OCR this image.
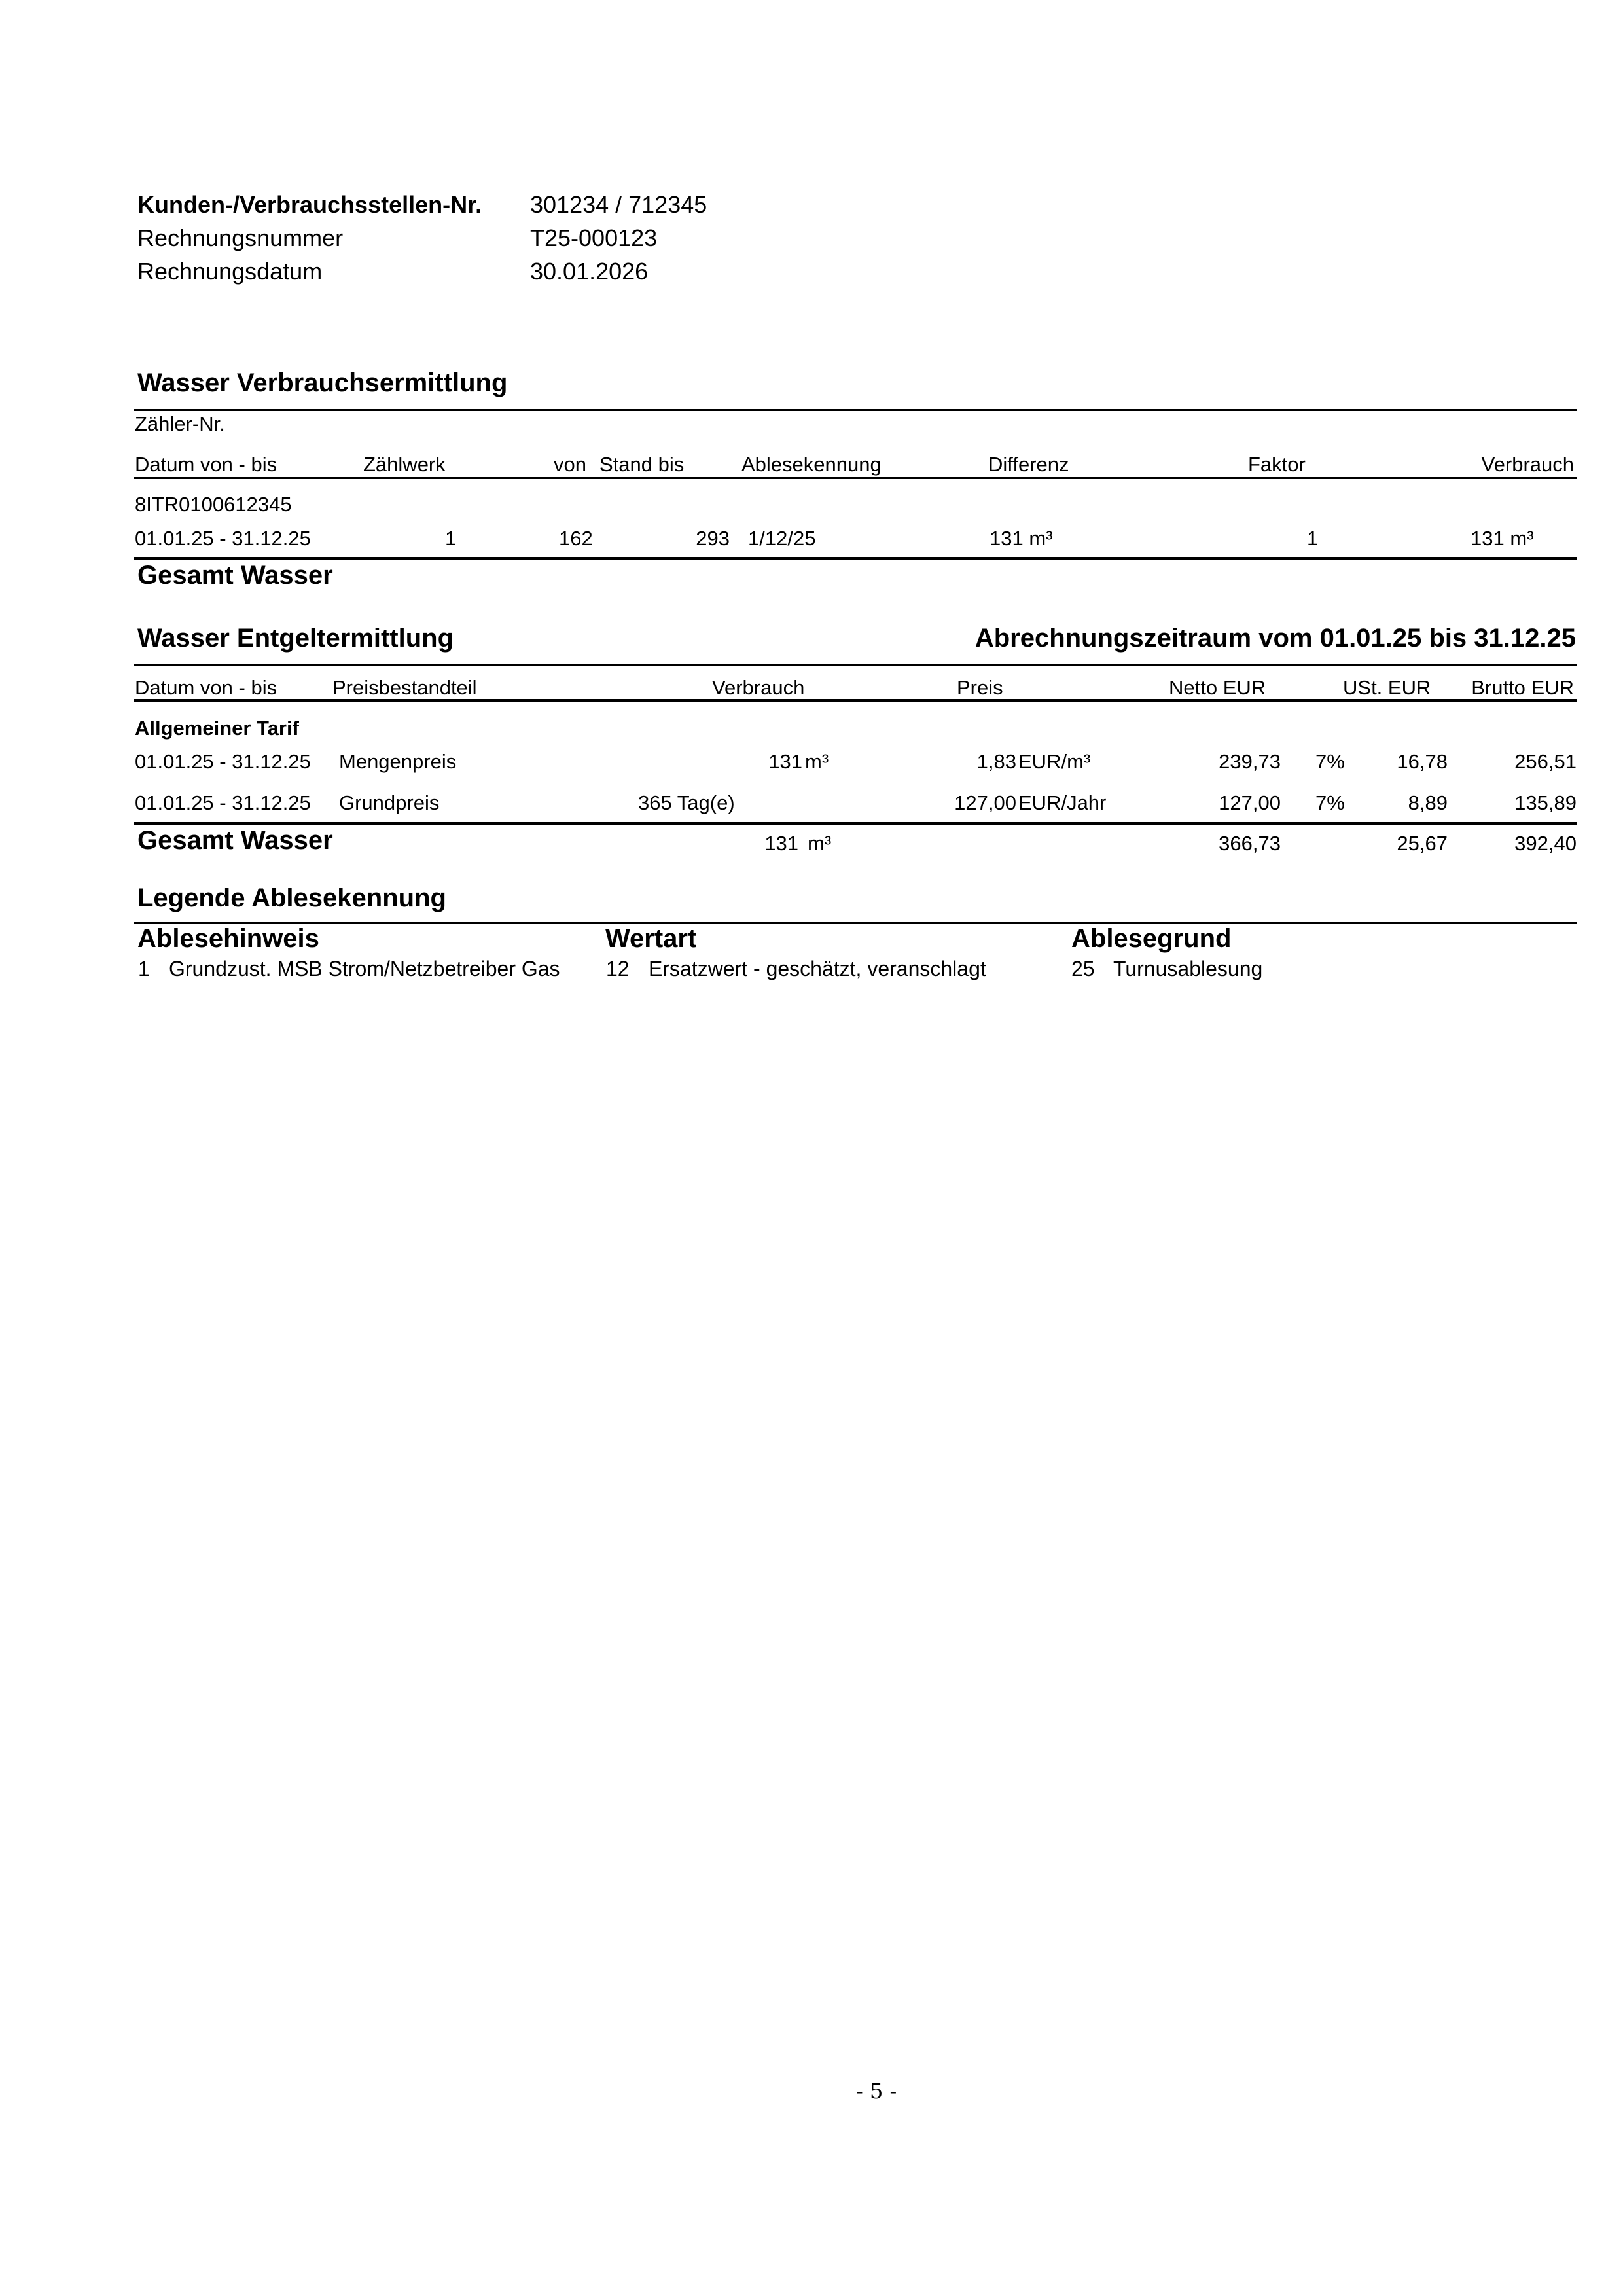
Kunden-/Verbrauchsstellen-Nr. 301234 / 712345
Rechnungsnummer	T25-000123
Rechnungsdatum	30.01.2026
Wasser Verbrauchsermittlung
Zähler-Nr.
Datum von - bis	Zählwerk	von Stand bis	Ablesekennung	Differenz	Faktor	Verbrauch
8ITR0100612345
01.01.25 - 31.12.25	1	162	293 1/12/25	131 m³	1	131 m³
Gesamt Wasser
Wasser Entgeltermittlung	Abrechnungszeitraum vom 01.01.25 bis 31.12.25
Datum von - bis	Preisbestandteil	Verbrauch	Preis	Netto EUR	USt. EUR Brutto EUR
Allgemeiner Tarif
01.01.25 - 31.12.25 Mengenpreis	131 m³	1,83 EUR/m³	239,73 7%	16,78	256,51
01.01.25 - 31.12.25 Grundpreis	365 Tag(e)	127,00 EUR/Jahr	127,00 7%	8,89	135,89
Gesamt Wasser	131 m³	366,73	25,67	392,40
Legende Ablesekennung
Ablesehinweis	Wertart	Ablesegrund
1 Grundzust. MSB Strom/Netzbetreiber Gas 12 Ersatzwert - geschätzt, veranschlagt	25 Turnusablesung
- 5 -
